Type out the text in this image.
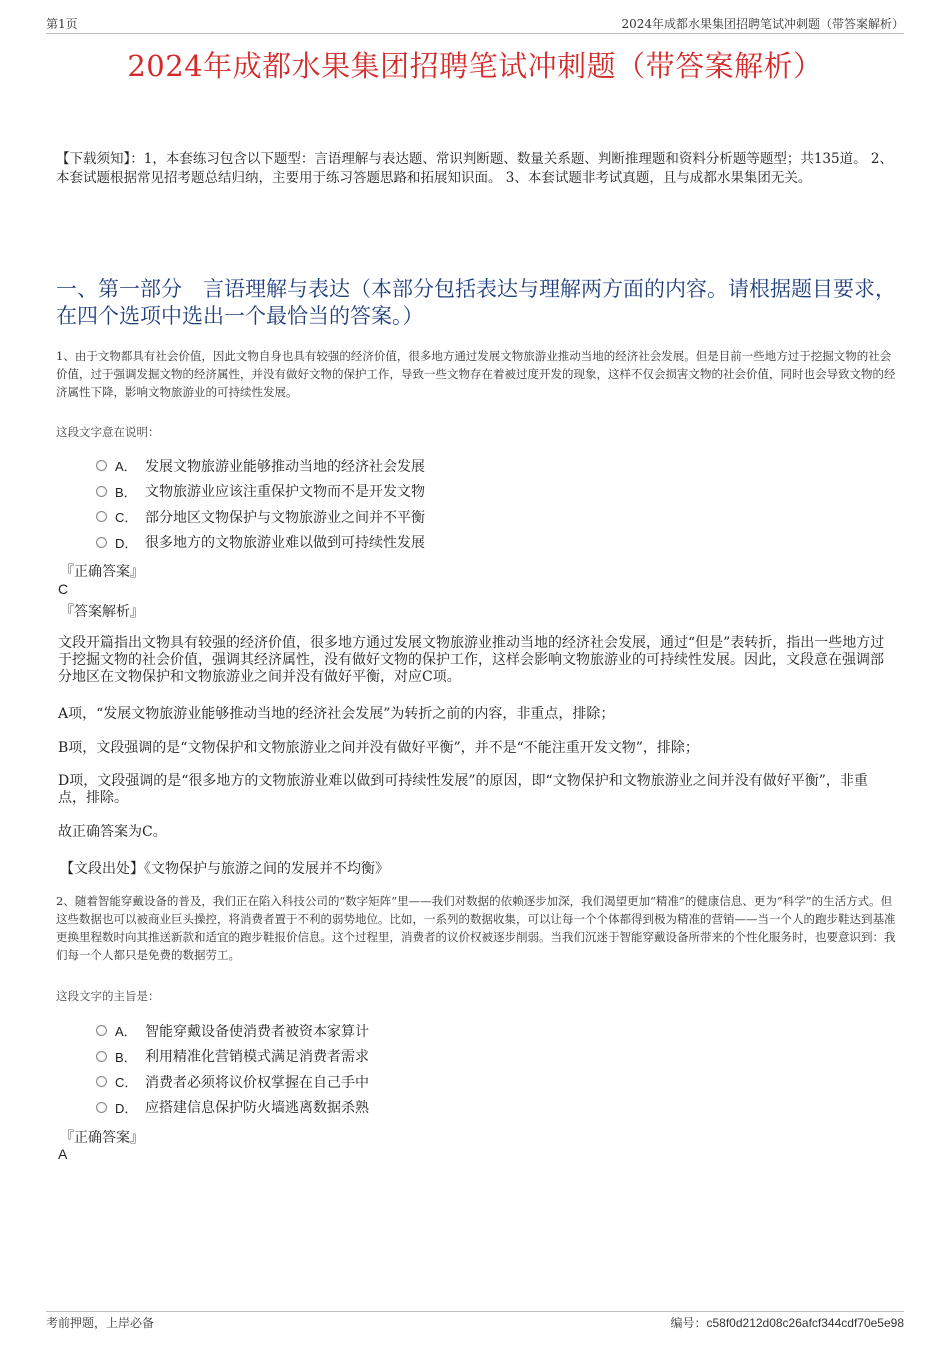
第1页	2024年成都水果集团招聘笔试冲刺题（带答案解析）
2024年成都水果集团招聘笔试冲刺题（带答案解析）
【下载须知】：1，本套练习包含以下题型：言语理解与表达题、常识判断题、数量关系题、判断推理题和资料分析题等题型；共135道。 2、本套试题根据常见招考题总结归纳，主要用于练习答题思路和拓展知识面。 3、本套试题非考试真题，且与成都水果集团无关。
一、第一部分　言语理解与表达（本部分包括表达与理解两方面的内容。请根据题目要求，在四个选项中选出一个最恰当的答案。）
1、由于文物都具有社会价值，因此文物自身也具有较强的经济价值，很多地方通过发展文物旅游业推动当地的经济社会发展。但是目前一些地方过于挖掘文物的社会价值，过于强调发掘文物的经济属性，并没有做好文物的保护工作，导致一些文物存在着被过度开发的现象，这样不仅会损害文物的社会价值，同时也会导致文物的经济属性下降，影响文物旅游业的可持续性发展。
这段文字意在说明：
A． 发展文物旅游业能够推动当地的经济社会发展
B． 文物旅游业应该注重保护文物而不是开发文物
C． 部分地区文物保护与文物旅游业之间并不平衡
D． 很多地方的文物旅游业难以做到可持续性发展
『正确答案』
C
『答案解析』
文段开篇指出文物具有较强的经济价值，很多地方通过发展文物旅游业推动当地的经济社会发展，通过“但是”表转折，指出一些地方过于挖掘文物的社会价值，强调其经济属性，没有做好文物的保护工作，这样会影响文物旅游业的可持续性发展。因此，文段意在强调部分地区在文物保护和文物旅游业之间并没有做好平衡，对应C项。
A项，“发展文物旅游业能够推动当地的经济社会发展”为转折之前的内容，非重点，排除；
B项，文段强调的是“文物保护和文物旅游业之间并没有做好平衡”，并不是“不能注重开发文物”，排除；
D项，文段强调的是“很多地方的文物旅游业难以做到可持续性发展”的原因，即“文物保护和文物旅游业之间并没有做好平衡”，非重点，排除。
故正确答案为C。
【文段出处】《文物保护与旅游之间的发展并不均衡》
2、随着智能穿戴设备的普及，我们正在陷入科技公司的“数字矩阵”里——我们对数据的依赖逐步加深，我们渴望更加“精准”的健康信息、更为“科学”的生活方式。但这些数据也可以被商业巨头操控，将消费者置于不利的弱势地位。比如，一系列的数据收集，可以让每一个个体都得到极为精准的营销——当一个人的跑步鞋达到基准更换里程数时向其推送新款和适宜的跑步鞋报价信息。这个过程里，消费者的议价权被逐步削弱。当我们沉迷于智能穿戴设备所带来的个性化服务时，也要意识到：我们每一个人都只是免费的数据劳工。
这段文字的主旨是：
A． 智能穿戴设备使消费者被资本家算计
B． 利用精准化营销模式满足消费者需求
C． 消费者必须将议价权掌握在自己手中
D． 应搭建信息保护防火墙逃离数据杀熟
『正确答案』
A
考前押题，上岸必备	编号：c58f0d212d08c26afcf344cdf70e5e98
